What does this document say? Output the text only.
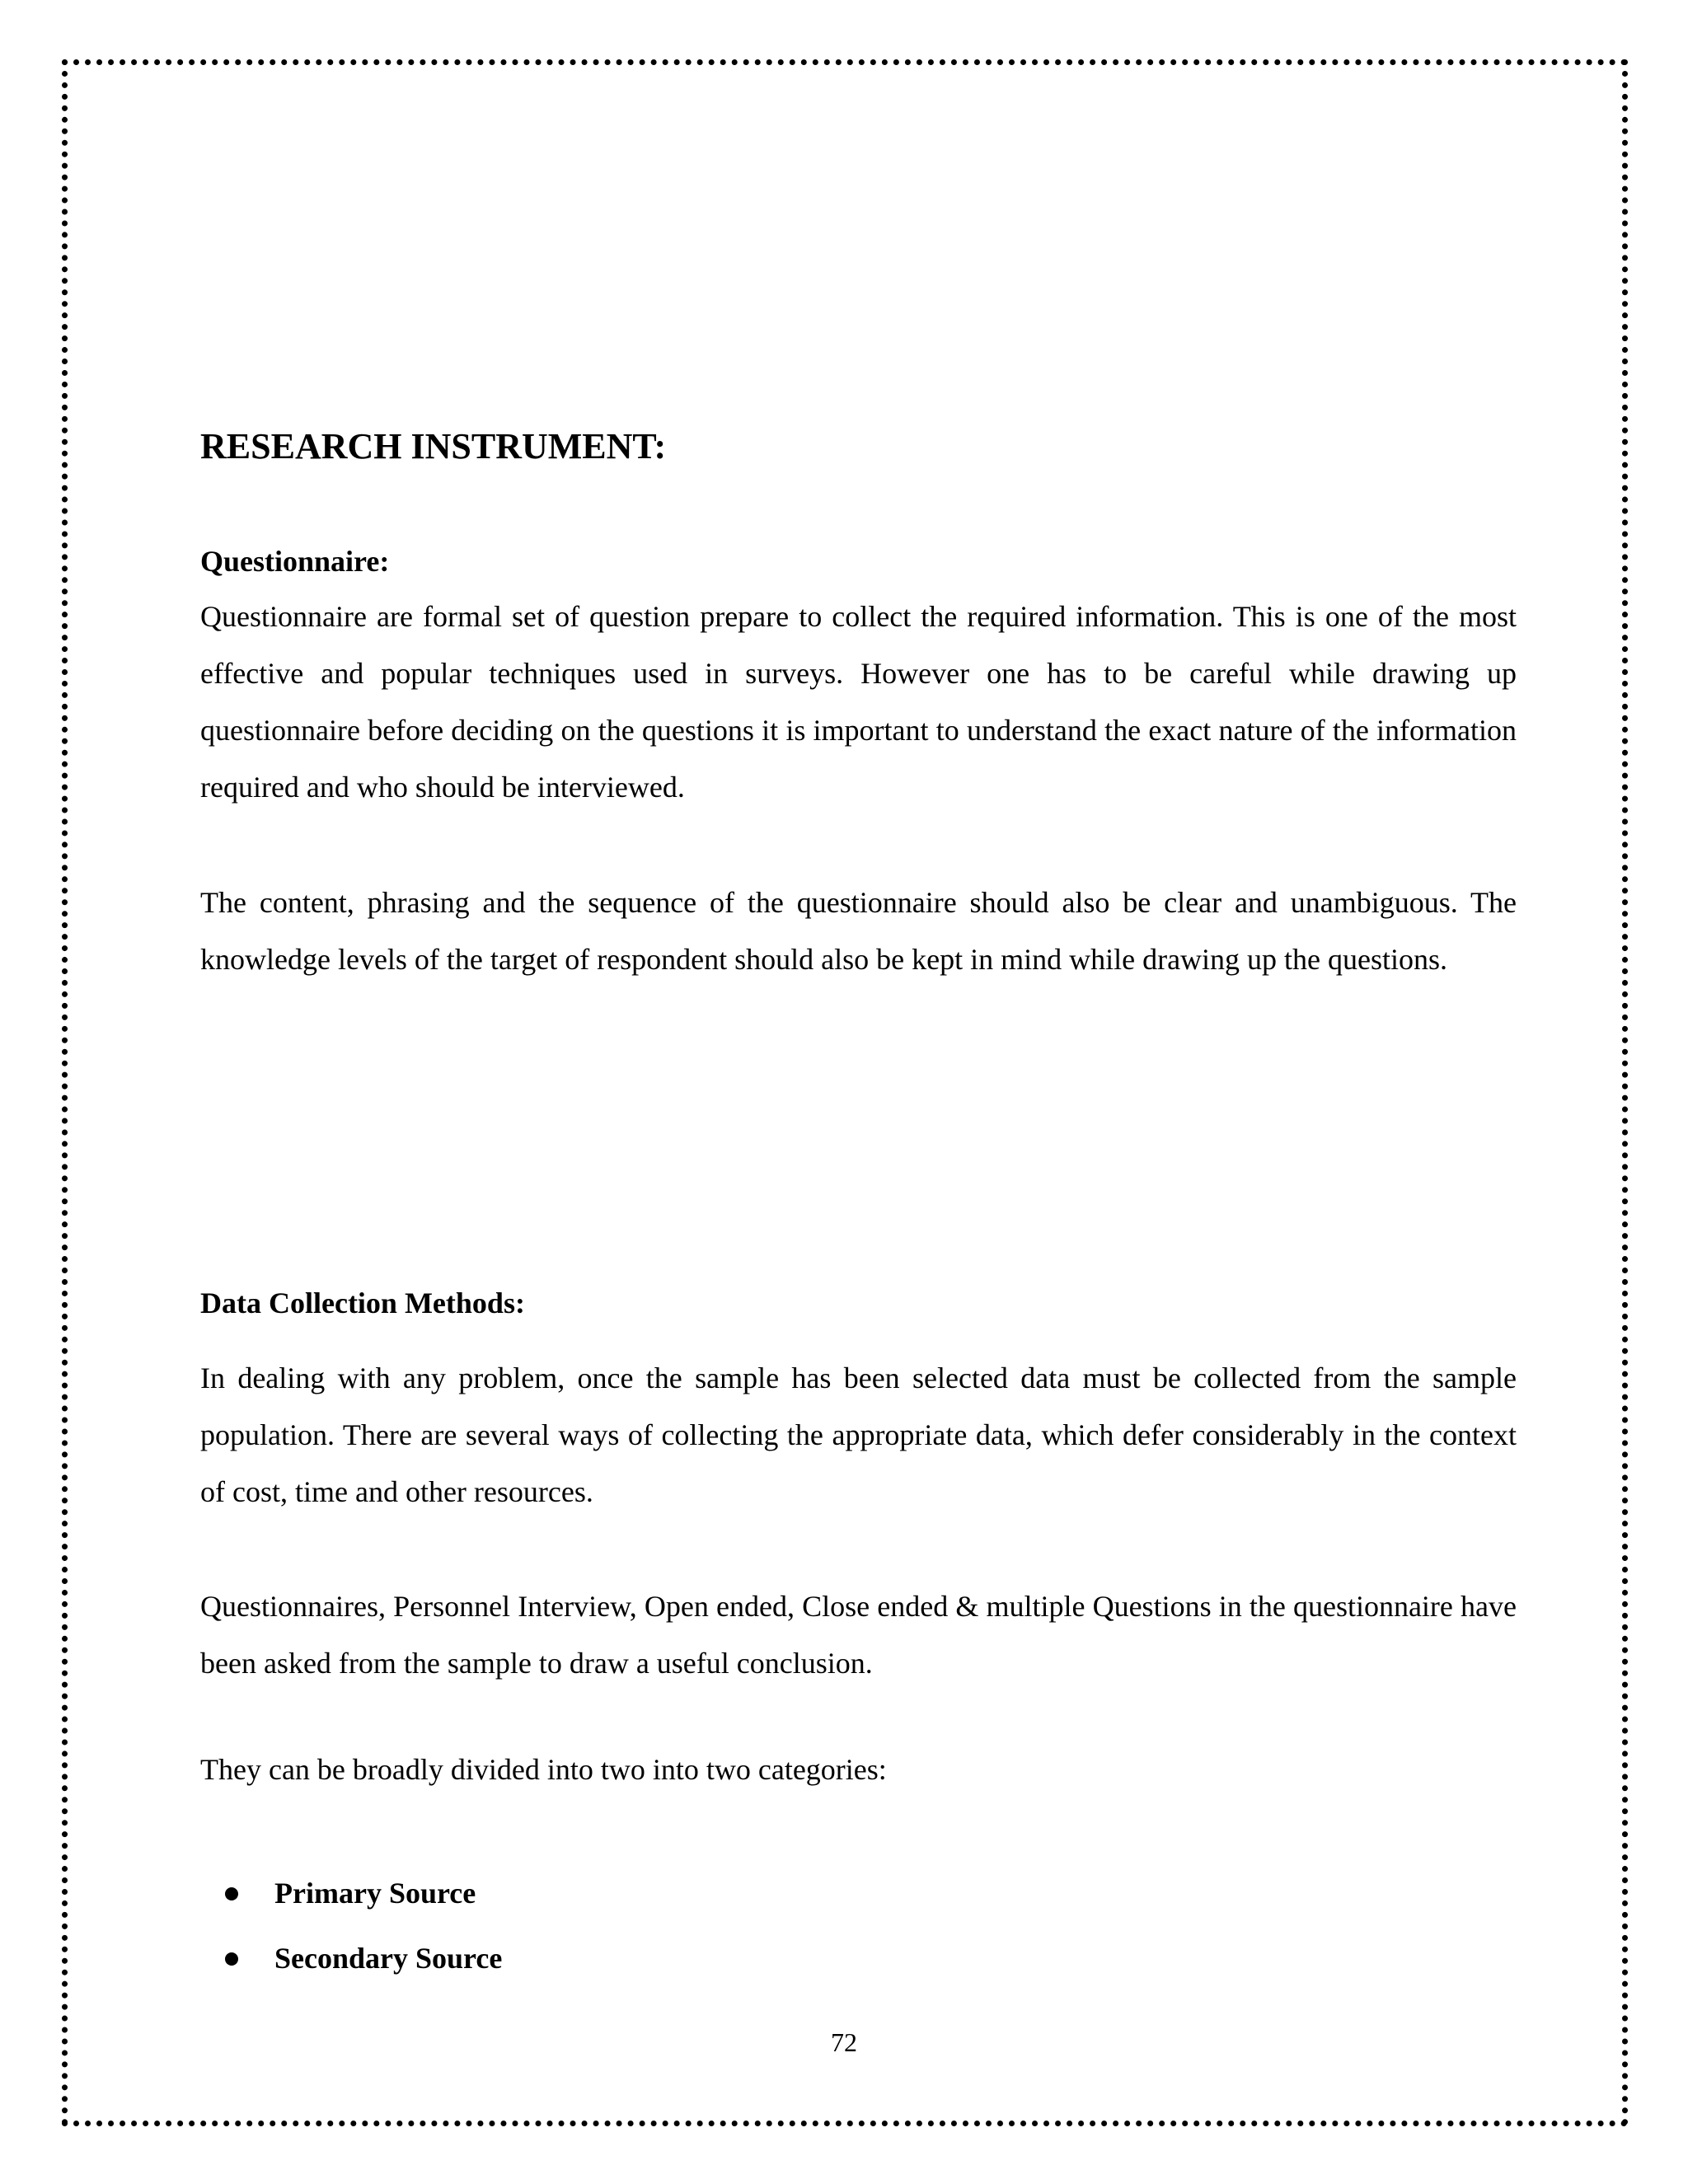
RESEARCH INSTRUMENT:
Questionnaire:

Questionnaire are formal set of question prepare to collect the required information. This is one of the most effective and popular techniques used in surveys. However one has to be careful while drawing up questionnaire before deciding on the questions it is important to understand the exact nature of the information required and who should be interviewed.

The content, phrasing and the sequence of the questionnaire should also be clear and unambiguous. The knowledge levels of the target of respondent should also be kept in mind while drawing up the questions.

Data Collection Methods:

In dealing with any problem, once the sample has been selected data must be collected from the sample population. There are several ways of collecting the appropriate data, which defer considerably in the context of cost, time and other resources.

Questionnaires, Personnel Interview, Open ended, Close ended & multiple Questions in the questionnaire have been asked from the sample to draw a useful conclusion.

They can be broadly divided into two into two categories:

Primary Source
Secondary Source
72
